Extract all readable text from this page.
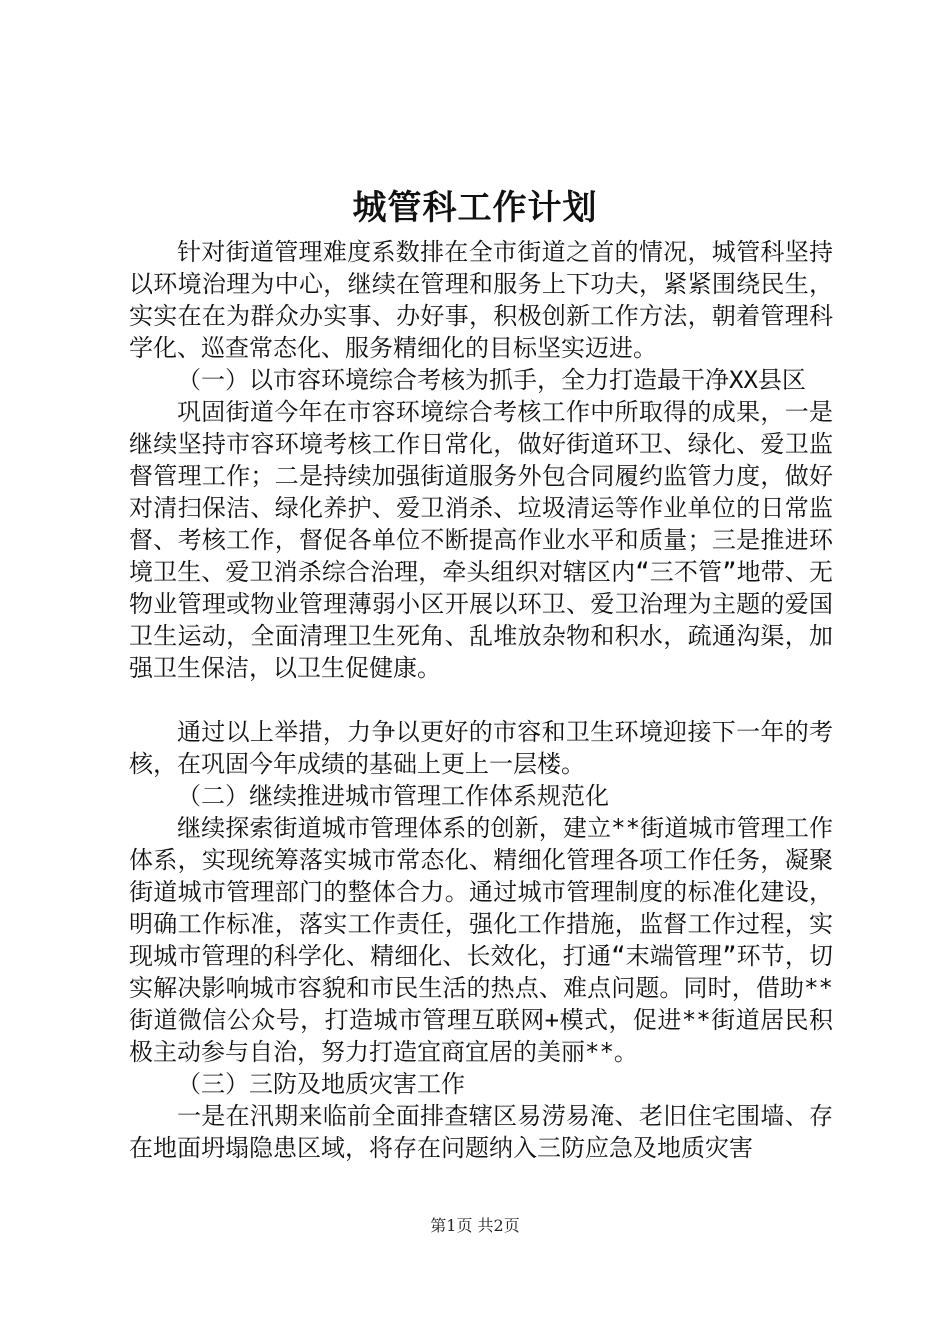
城管科工作计划

针对街道管理难度系数排在全市街道之首的情况，城管科坚持以环境治理为中心，继续在管理和服务上下功夫，紧紧围绕民生，实实在在为群众办实事、办好事，积极创新工作方法，朝着管理科学化、巡查常态化、服务精细化的目标坚实迈进。

（一）以市容环境综合考核为抓手，全力打造最干净XX县区

巩固街道今年在市容环境综合考核工作中所取得的成果，一是继续坚持市容环境考核工作日常化，做好街道环卫、绿化、爱卫监督管理工作；二是持续加强街道服务外包合同履约监管力度，做好对清扫保洁、绿化养护、爱卫消杀、垃圾清运等作业单位的日常监督、考核工作，督促各单位不断提高作业水平和质量；三是推进环境卫生、爱卫消杀综合治理，牵头组织对辖区内“三不管”地带、无物业管理或物业管理薄弱小区开展以环卫、爱卫治理为主题的爱国卫生运动，全面清理卫生死角、乱堆放杂物和积水，疏通沟渠，加强卫生保洁，以卫生促健康。

通过以上举措，力争以更好的市容和卫生环境迎接下一年的考核，在巩固今年成绩的基础上更上一层楼。

（二）继续推进城市管理工作体系规范化

继续探索街道城市管理体系的创新，建立**街道城市管理工作体系，实现统筹落实城市常态化、精细化管理各项工作任务，凝聚街道城市管理部门的整体合力。通过城市管理制度的标准化建设，明确工作标准，落实工作责任，强化工作措施，监督工作过程，实现城市管理的科学化、精细化、长效化，打通“末端管理”环节，切实解决影响城市容貌和市民生活的热点、难点问题。同时，借助**街道微信公众号，打造城市管理互联网+模式，促进**街道居民积极主动参与自治，努力打造宜商宜居的美丽**。

（三）三防及地质灾害工作

一是在汛期来临前全面排查辖区易涝易淹、老旧住宅围墙、存在地面坍塌隐患区域，将存在问题纳入三防应急及地质灾害

第1页 共2页
